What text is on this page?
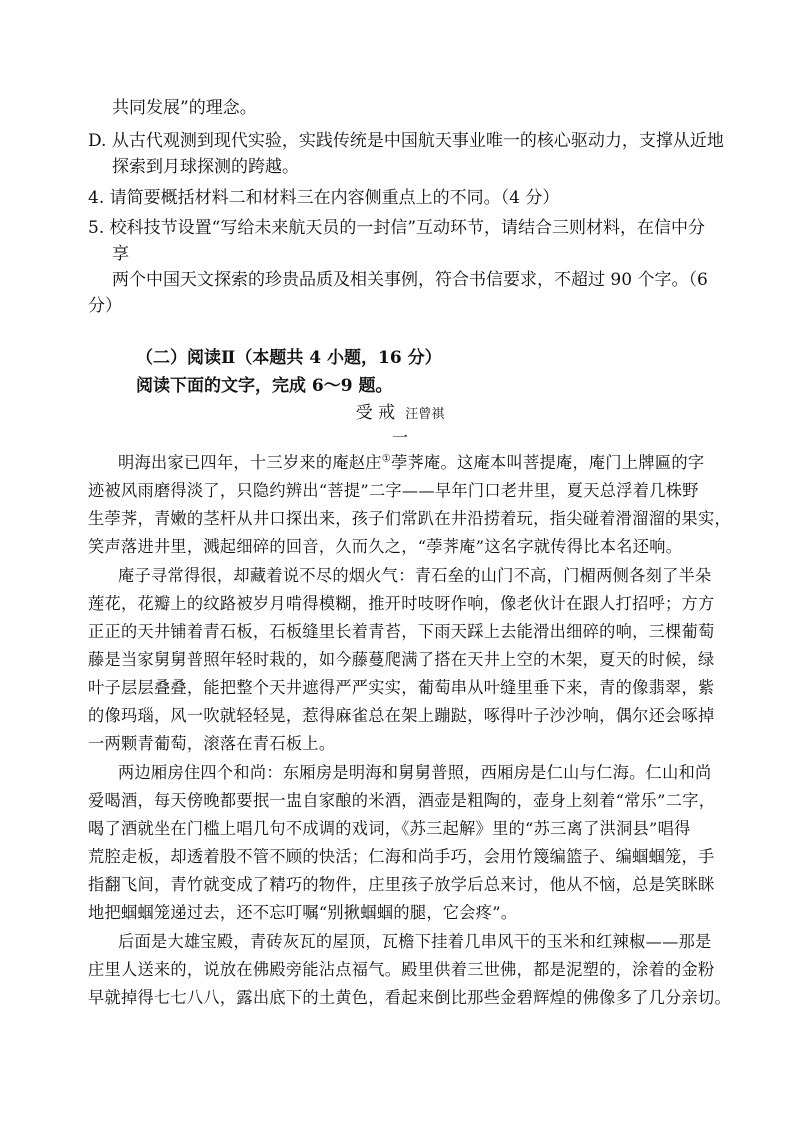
共同发展”的理念。
D. 从古代观测到现代实验，实践传统是中国航天事业唯一的核心驱动力，支撑从近地
探索到月球探测的跨越。
4. 请简要概括材料二和材料三在内容侧重点上的不同。（4 分）
5. 校科技节设置“写给未来航天员的一封信”互动环节，请结合三则材料，在信中分
享
两个中国天文探索的珍贵品质及相关事例，符合书信要求，不超过 90 个字。（6
分）
（二）阅读Ⅱ（本题共 4 小题，16 分）
阅读下面的文字，完成 6～9 题。
受 戒 汪曾祺
一
明海出家已四年，十三岁来的庵赵庄①荸荠庵。这庵本叫菩提庵，庵门上牌匾的字
迹被风雨磨得淡了，只隐约辨出“菩提”二字——早年门口老井里，夏天总浮着几株野
生荸荠，青嫩的茎杆从井口探出来，孩子们常趴在井沿捞着玩，指尖碰着滑溜溜的果实，
笑声落进井里，溅起细碎的回音，久而久之，“荸荠庵”这名字就传得比本名还响。
庵子寻常得很，却藏着说不尽的烟火气：青石垒的山门不高，门楣两侧各刻了半朵
莲花，花瓣上的纹路被岁月啃得模糊，推开时吱呀作响，像老伙计在跟人打招呼；方方
正正的天井铺着青石板，石板缝里长着青苔，下雨天踩上去能滑出细碎的响，三棵葡萄
藤是当家舅舅普照年轻时栽的，如今藤蔓爬满了搭在天井上空的木架，夏天的时候，绿
叶子层层叠叠，能把整个天井遮得严严实实，葡萄串从叶缝里垂下来，青的像翡翠，紫
的像玛瑙，风一吹就轻轻晃，惹得麻雀总在架上蹦跶，啄得叶子沙沙响，偶尔还会啄掉
一两颗青葡萄，滚落在青石板上。
两边厢房住四个和尚：东厢房是明海和舅舅普照，西厢房是仁山与仁海。仁山和尚
爱喝酒，每天傍晚都要抿一盅自家酿的米酒，酒壶是粗陶的，壶身上刻着“常乐”二字，
喝了酒就坐在门槛上唱几句不成调的戏词，《苏三起解》里的“苏三离了洪洞县”唱得
荒腔走板，却透着股不管不顾的快活；仁海和尚手巧，会用竹篾编篮子、编蝈蝈笼，手
指翻飞间，青竹就变成了精巧的物件，庄里孩子放学后总来讨，他从不恼，总是笑眯眯
地把蝈蝈笼递过去，还不忘叮嘱“别揪蝈蝈的腿，它会疼”。
后面是大雄宝殿，青砖灰瓦的屋顶，瓦檐下挂着几串风干的玉米和红辣椒——那是
庄里人送来的，说放在佛殿旁能沾点福气。殿里供着三世佛，都是泥塑的，涂着的金粉
早就掉得七七八八，露出底下的土黄色，看起来倒比那些金碧辉煌的佛像多了几分亲切。
